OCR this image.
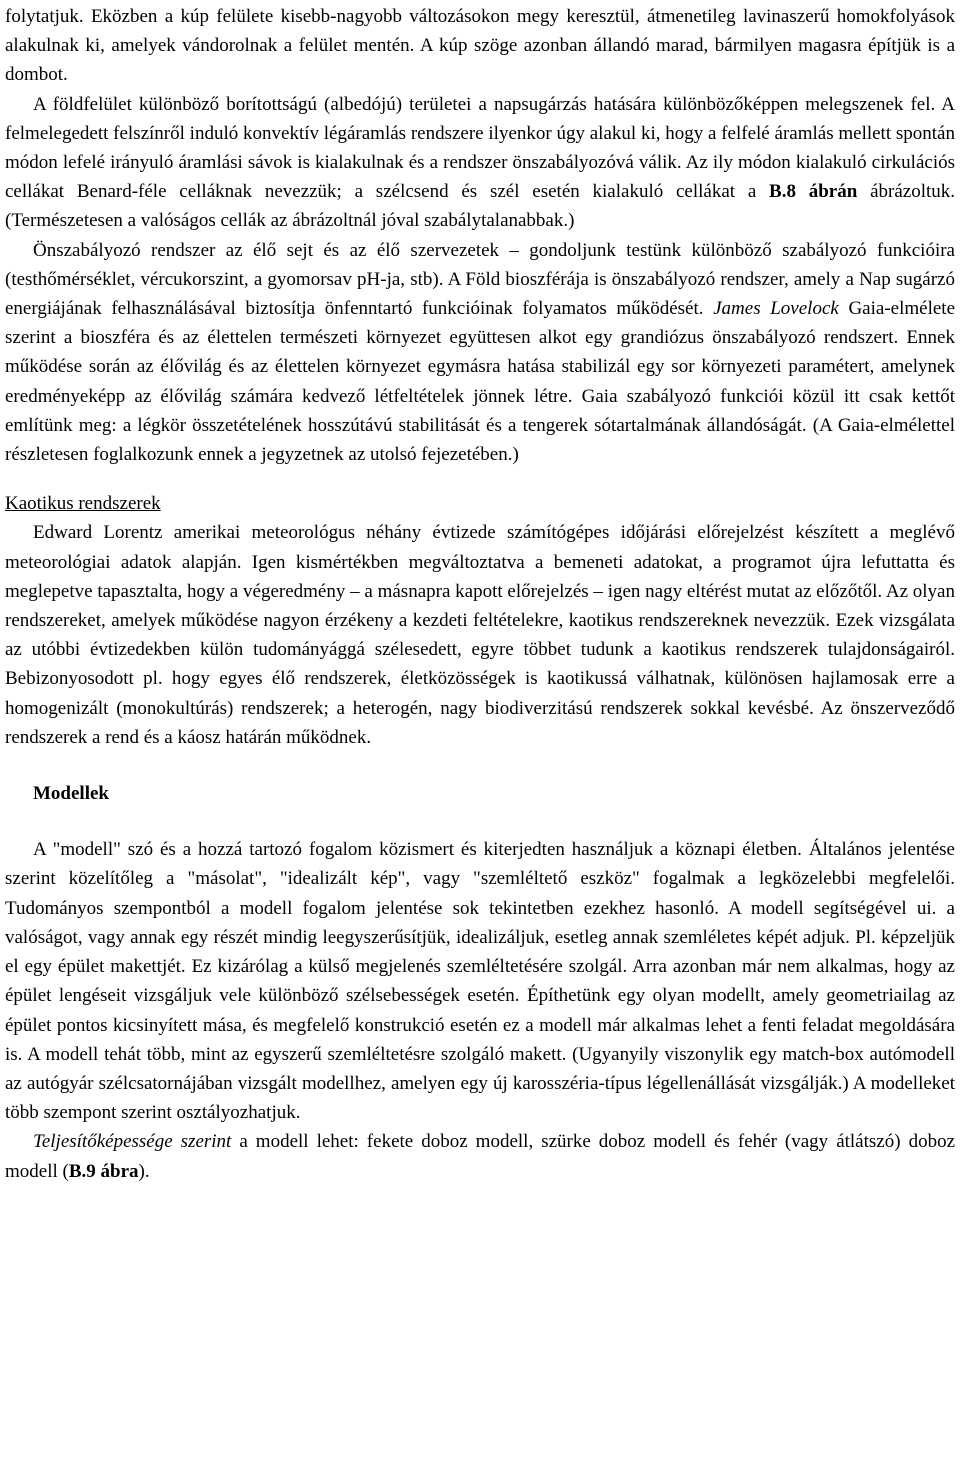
folytatjuk. Eközben a kúp felülete kisebb-nagyobb változásokon megy keresztül, átmenetileg lavinaszerű homokfolyások alakulnak ki, amelyek vándorolnak a felület mentén. A kúp szöge azonban állandó marad, bármilyen magasra építjük is a dombot.

A földfelület különböző borítottságú (albedójú) területei a napsugárzás hatására különbözőképpen melegszenek fel. A felmelegedett felszínről induló konvektív légáramlás rendszere ilyenkor úgy alakul ki, hogy a felfelé áramlás mellett spontán módon lefelé irányuló áramlási sávok is kialakulnak és a rendszer önszabályozóvá válik. Az ily módon kialakuló cirkulációs cellákat Benard-féle celláknak nevezzük; a szélcsend és szél esetén kialakuló cellákat a B.8 ábrán ábrázoltuk. (Természetesen a valóságos cellák az ábrázoltnál jóval szabálytalanabbak.)

Önszabályozó rendszer az élő sejt és az élő szervezetek – gondoljunk testünk különböző szabályozó funkcióira (testhőmérséklet, vércukorszint, a gyomorsav pH-ja, stb). A Föld bioszférája is önszabályozó rendszer, amely a Nap sugárzó energiájának felhasználásával biztosítja önfenntartó funkcióinak folyamatos működését. James Lovelock Gaia-elmélete szerint a bioszféra és az élettelen természeti környezet együttesen alkot egy grandiózus önszabályozó rendszert. Ennek működése során az élővilág és az élettelen környezet egymásra hatása stabilizál egy sor környezeti paramétert, amelynek eredményeképp az élővilág számára kedvező létfeltételek jönnek létre. Gaia szabályozó funkciói közül itt csak kettőt említünk meg: a légkör összetételének hosszútávú stabilitását és a tengerek sótartalmának állandóságát. (A Gaia-elmélettel részletesen foglalkozunk ennek a jegyzetnek az utolsó fejezetében.)

Kaotikus rendszerek

Edward Lorentz amerikai meteorológus néhány évtizede számítógépes időjárási előrejelzést készített a meglévő meteorológiai adatok alapján. Igen kismértékben megváltoztatva a bemeneti adatokat, a programot újra lefuttatta és meglepetve tapasztalta, hogy a végeredmény – a másnapra kapott előrejelzés – igen nagy eltérést mutat az előzőtől. Az olyan rendszereket, amelyek működése nagyon érzékeny a kezdeti feltételekre, kaotikus rendszereknek nevezzük. Ezek vizsgálata az utóbbi évtizedekben külön tudományággá szélesedett, egyre többet tudunk a kaotikus rendszerek tulajdonságairól. Bebizonyosodott pl. hogy egyes élő rendszerek, életközösségek is kaotikussá válhatnak, különösen hajlamosak erre a homogenizált (monokultúrás) rendszerek; a heterogén, nagy biodiverzitású rendszerek sokkal kevésbé. Az önszerveződő rendszerek a rend és a káosz határán működnek.

Modellek

A "modell" szó és a hozzá tartozó fogalom közismert és kiterjedten használjuk a köznapi életben. Általános jelentése szerint közelítőleg a "másolat", "idealizált kép", vagy "szemléltető eszköz" fogalmak a legközelebbi megfelelői. Tudományos szempontból a modell fogalom jelentése sok tekintetben ezekhez hasonló. A modell segítségével ui. a valóságot, vagy annak egy részét mindig leegyszerűsítjük, idealizáljuk, esetleg annak szemléletes képét adjuk. Pl. képzeljük el egy épület makettjét. Ez kizárólag a külső megjelenés szemléltetésére szolgál. Arra azonban már nem alkalmas, hogy az épület lengéseit vizsgáljuk vele különböző szélsebességek esetén. Építhetünk egy olyan modellt, amely geometriailag az épület pontos kicsinyített mása, és megfelelő konstrukció esetén ez a modell már alkalmas lehet a fenti feladat megoldására is. A modell tehát több, mint az egyszerű szemléltetésre szolgáló makett. (Ugyanyily viszonylik egy match-box autómodell az autógyár szélcsatornájában vizsgált modellhez, amelyen egy új karosszéria-típus légellenállását vizsgálják.) A modelleket több szempont szerint osztályozhatjuk.

Teljesítőképessége szerint a modell lehet: fekete doboz modell, szürke doboz modell és fehér (vagy átlátszó) doboz modell (B.9 ábra).
